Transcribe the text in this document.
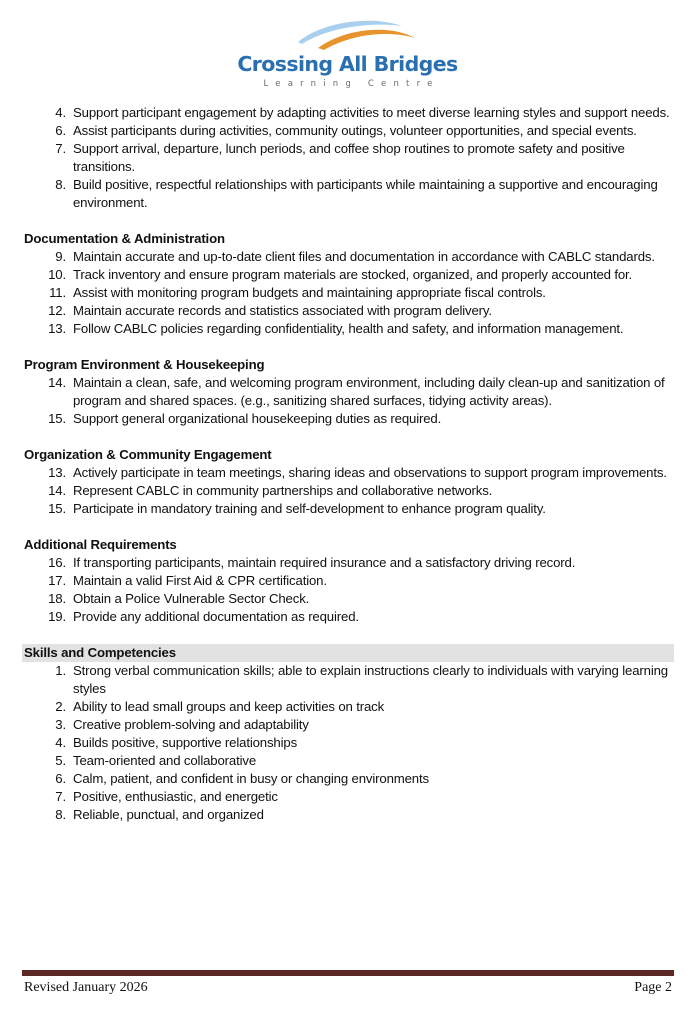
Crossing All Bridges
Learning Centre
4. Support participant engagement by adapting activities to meet diverse learning styles and support needs.
6. Assist participants during activities, community outings, volunteer opportunities, and special events.
7. Support arrival, departure, lunch periods, and coffee shop routines to promote safety and positive transitions.
8. Build positive, respectful relationships with participants while maintaining a supportive and encouraging environment.
Documentation & Administration
9. Maintain accurate and up-to-date client files and documentation in accordance with CABLC standards.
10. Track inventory and ensure program materials are stocked, organized, and properly accounted for.
11. Assist with monitoring program budgets and maintaining appropriate fiscal controls.
12. Maintain accurate records and statistics associated with program delivery.
13. Follow CABLC policies regarding confidentiality, health and safety, and information management.
Program Environment & Housekeeping
14. Maintain a clean, safe, and welcoming program environment, including daily clean-up and sanitization of program and shared spaces. (e.g., sanitizing shared surfaces, tidying activity areas).
15. Support general organizational housekeeping duties as required.
Organization & Community Engagement
13. Actively participate in team meetings, sharing ideas and observations to support program improvements.
14. Represent CABLC in community partnerships and collaborative networks.
15. Participate in mandatory training and self-development to enhance program quality.
Additional Requirements
16. If transporting participants, maintain required insurance and a satisfactory driving record.
17. Maintain a valid First Aid & CPR certification.
18. Obtain a Police Vulnerable Sector Check.
19. Provide any additional documentation as required.
Skills and Competencies
1. Strong verbal communication skills; able to explain instructions clearly to individuals with varying learning styles
2. Ability to lead small groups and keep activities on track
3. Creative problem-solving and adaptability
4. Builds positive, supportive relationships
5. Team-oriented and collaborative
6. Calm, patient, and confident in busy or changing environments
7. Positive, enthusiastic, and energetic
8. Reliable, punctual, and organized
Revised January 2026	Page 2
